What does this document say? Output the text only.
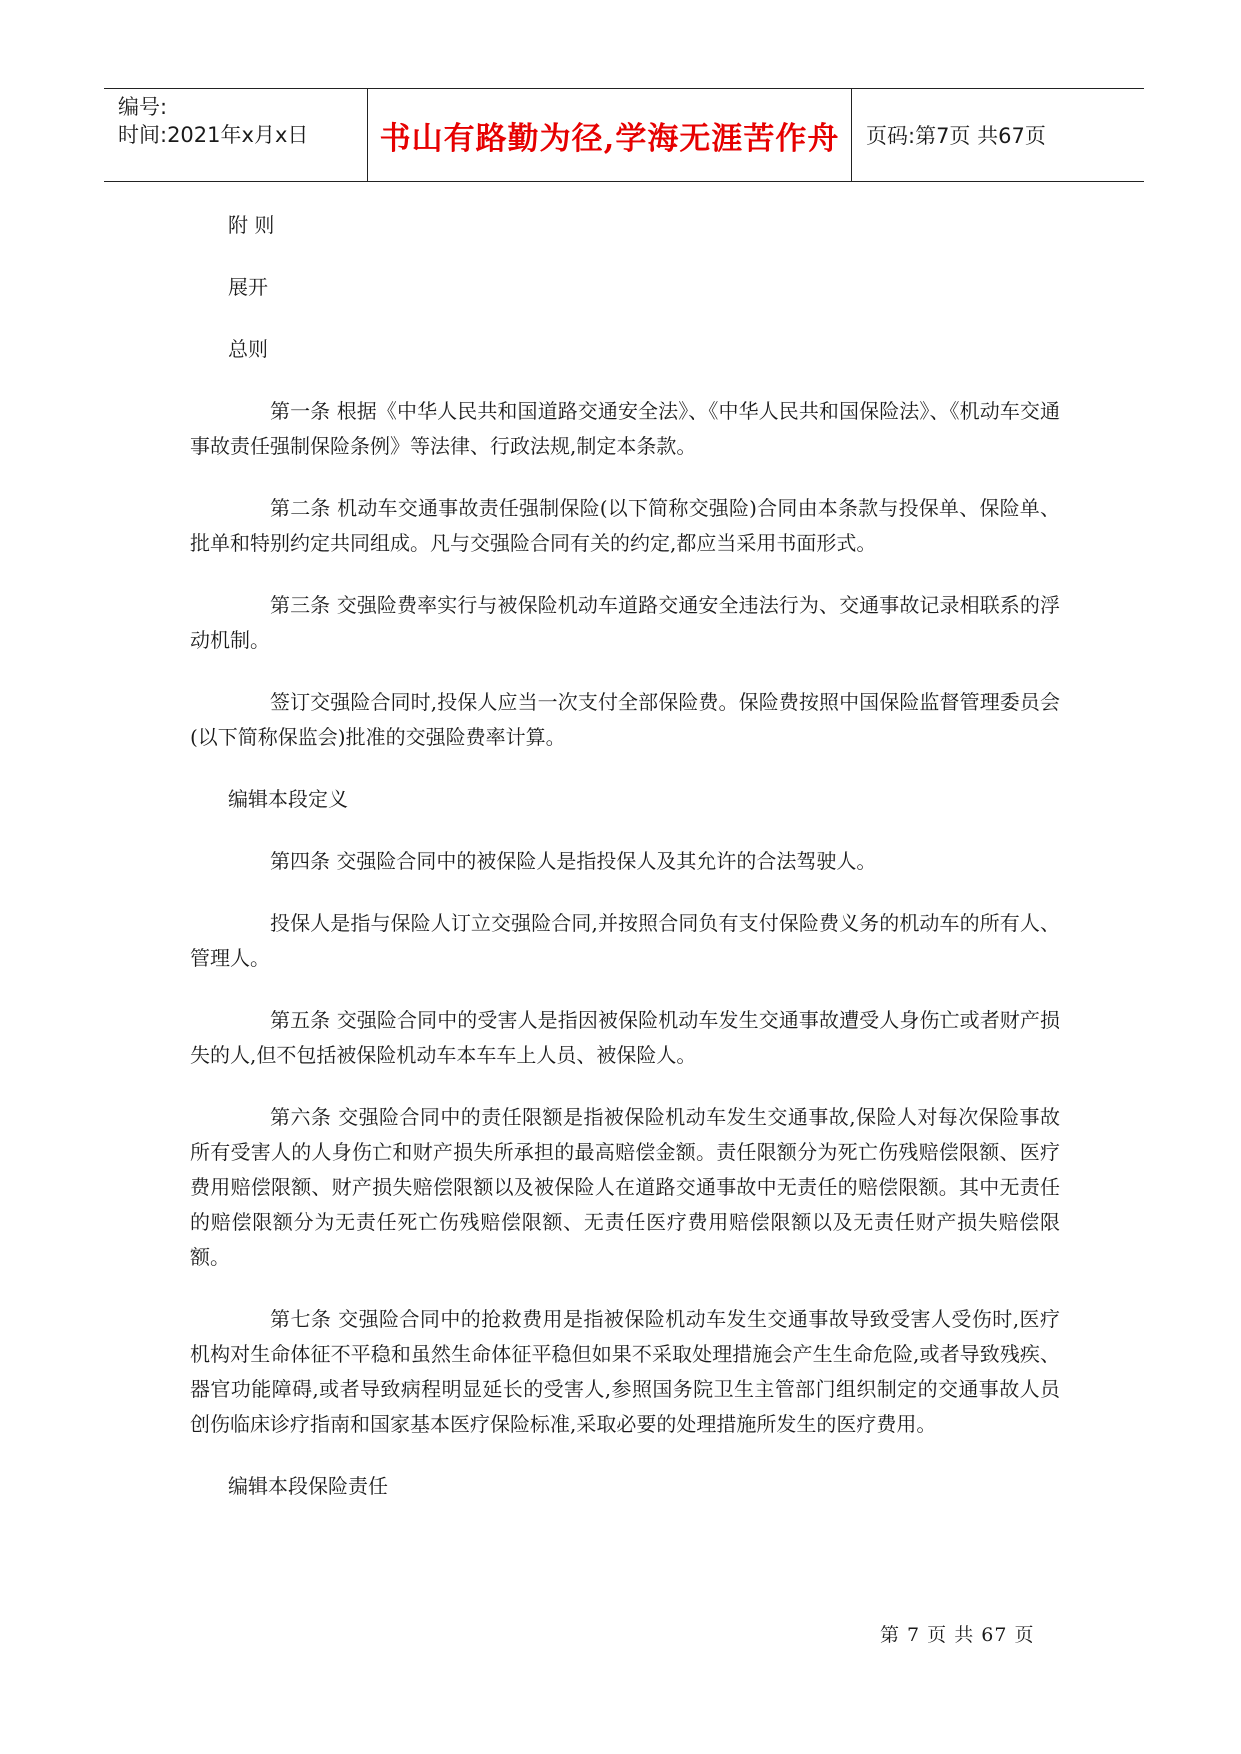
编号:
时间:2021年x月x日	书山有路勤为径,学海无涯苦作舟	页码:第7页 共67页
附 则
展开
总则

第一条 根据《中华人民共和国道路交通安全法》、《中华人民共和国保险法》、《机动车交通事故责任强制保险条例》等法律、行政法规,制定本条款。

第二条 机动车交通事故责任强制保险(以下简称交强险)合同由本条款与投保单、保险单、批单和特别约定共同组成。凡与交强险合同有关的约定,都应当采用书面形式。

第三条 交强险费率实行与被保险机动车道路交通安全违法行为、交通事故记录相联系的浮动机制。

签订交强险合同时,投保人应当一次支付全部保险费。保险费按照中国保险监督管理委员会(以下简称保监会)批准的交强险费率计算。

编辑本段定义

第四条 交强险合同中的被保险人是指投保人及其允许的合法驾驶人。

投保人是指与保险人订立交强险合同,并按照合同负有支付保险费义务的机动车的所有人、管理人。

第五条 交强险合同中的受害人是指因被保险机动车发生交通事故遭受人身伤亡或者财产损失的人,但不包括被保险机动车本车车上人员、被保险人。

第六条 交强险合同中的责任限额是指被保险机动车发生交通事故,保险人对每次保险事故所有受害人的人身伤亡和财产损失所承担的最高赔偿金额。责任限额分为死亡伤残赔偿限额、医疗费用赔偿限额、财产损失赔偿限额以及被保险人在道路交通事故中无责任的赔偿限额。其中无责任的赔偿限额分为无责任死亡伤残赔偿限额、无责任医疗费用赔偿限额以及无责任财产损失赔偿限额。

第七条 交强险合同中的抢救费用是指被保险机动车发生交通事故导致受害人受伤时,医疗机构对生命体征不平稳和虽然生命体征平稳但如果不采取处理措施会产生生命危险,或者导致残疾、器官功能障碍,或者导致病程明显延长的受害人,参照国务院卫生主管部门组织制定的交通事故人员创伤临床诊疗指南和国家基本医疗保险标准,采取必要的处理措施所发生的医疗费用。

编辑本段保险责任
第 7 页 共 67 页
